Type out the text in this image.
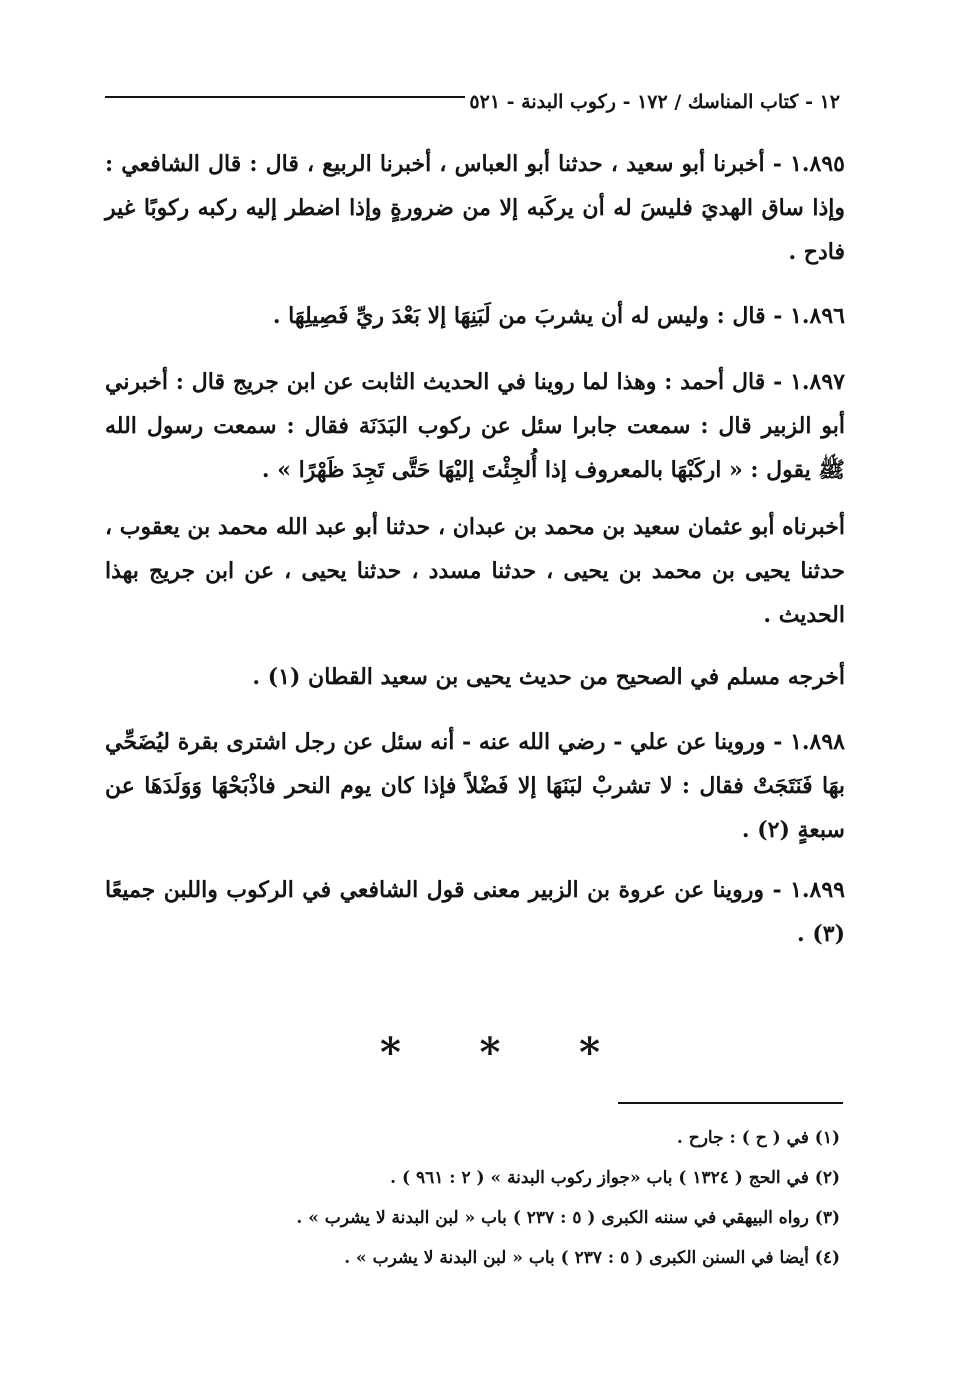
١٢ - كتاب المناسك / ١٧٢ - ركوب البدنة - ٥٢١
١.٨٩٥ - أخبرنا أبو سعيد ، حدثنا أبو العباس ، أخبرنا الربيع ، قال : قال الشافعي : وإذا ساق الهديَ فليسَ له أن يركَبه إلا من ضرورةٍ وإذا اضطر إليه ركبه ركوبًا غير فادح .
١.٨٩٦ - قال : وليس له أن يشربَ من لَبَنِهَا إلا بَعْدَ ريِّ فَصِيلِهَا .
١.٨٩٧ - قال أحمد : وهذا لما روينا في الحديث الثابت عن ابن جريج قال : أخبرني أبو الزبير قال : سمعت جابرا سئل عن ركوب البَدَنَة فقال : سمعت رسول الله ﷺ يقول : « اركَبْهَا بالمعروف إذا أُلجِئْتَ إليْهَا حَتَّى تَجِدَ ظَهْرًا » .
أخبرناه أبو عثمان سعيد بن محمد بن عبدان ، حدثنا أبو عبد الله محمد بن يعقوب ، حدثنا يحيى بن محمد بن يحيى ، حدثنا مسدد ، حدثنا يحيى ، عن ابن جريج بهذا الحديث .
أخرجه مسلم في الصحيح من حديث يحيى بن سعيد القطان (١) .
١.٨٩٨ - وروينا عن علي - رضي الله عنه - أنه سئل عن رجل اشترى بقرة ليُضَحِّي بهَا فَنَتَجَتْ فقال : لا تشربْ لبَنَهَا إلا فَضْلاً فإذا كان يوم النحر فاذْبَحْهَا وَوَلَدَهَا عن سبعةٍ (٢) .
١.٨٩٩ - وروينا عن عروة بن الزبير معنى قول الشافعي في الركوب واللبن جميعًا (٣) .
*
*
*
(١) في ( ح ) : جارح .
(٢) في الحج ( ١٣٢٤ ) باب «جواز ركوب البدنة » ( ٢ : ٩٦١ ) .
(٣) رواه البيهقي في سننه الكبرى ( ٥ : ٢٣٧ ) باب « لبن البدنة لا يشرب » .
(٤) أيضا في السنن الكبرى ( ٥ : ٢٣٧ ) باب « لبن البدنة لا يشرب » .
